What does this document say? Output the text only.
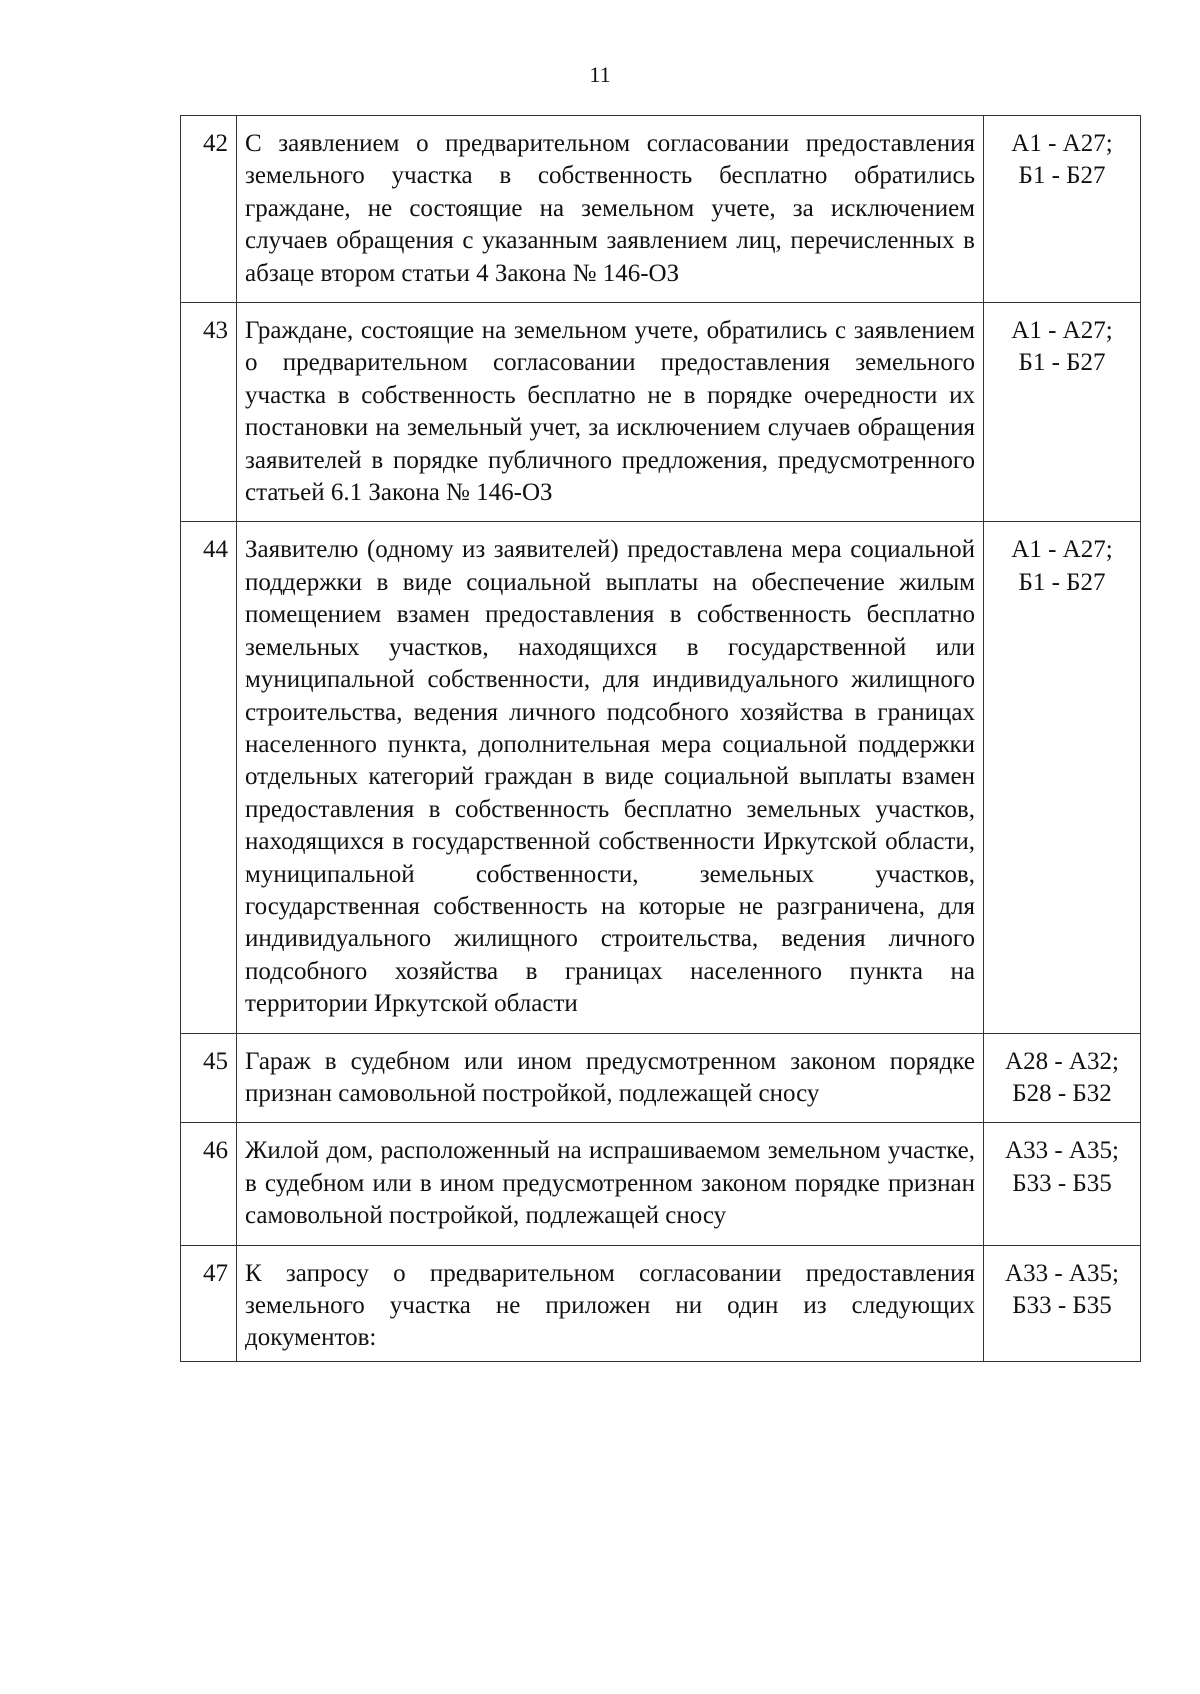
11
42	С заявлением о предварительном согласовании предоставления земельного участка в собственность бесплатно обратились граждане, не состоящие на земельном учете, за исключением случаев обращения с указанным заявлением лиц, перечисленных в абзаце втором статьи 4 Закона № 146-ОЗ	А1 - А27;
Б1 - Б27

43	Граждане, состоящие на земельном учете, обратились с заявлением о предварительном согласовании предоставления земельного участка в собственность бесплатно не в порядке очередности их постановки на земельный учет, за исключением случаев обращения заявителей в порядке публичного предложения, предусмотренного статьей 6.1 Закона № 146-ОЗ	А1 - А27;
Б1 - Б27

44	Заявителю (одному из заявителей) предоставлена мера социальной поддержки в виде социальной выплаты на обеспечение жилым помещением взамен предоставления в собственность бесплатно земельных участков, находящихся в государственной или муниципальной собственности, для индивидуального жилищного строительства, ведения личного подсобного хозяйства в границах населенного пункта, дополнительная мера социальной поддержки отдельных категорий граждан в виде социальной выплаты взамен предоставления в собственность бесплатно земельных участков, находящихся в государственной собственности Иркутской области, муниципальной собственности, земельных участков, государственная собственность на которые не разграничена, для индивидуального жилищного строительства, ведения личного подсобного хозяйства в границах населенного пункта на территории Иркутской области	А1 - А27;
Б1 - Б27

45	Гараж в судебном или ином предусмотренном законом порядке признан самовольной постройкой, подлежащей сносу	А28 - А32;
Б28 - Б32

46	Жилой дом, расположенный на испрашиваемом земельном участке, в судебном или в ином предусмотренном законом порядке признан самовольной постройкой, подлежащей сносу	А33 - А35;
Б33 - Б35

47	К запросу о предварительном согласовании предоставления земельного участка не приложен ни один из следующих документов:	А33 - А35;
Б33 - Б35
